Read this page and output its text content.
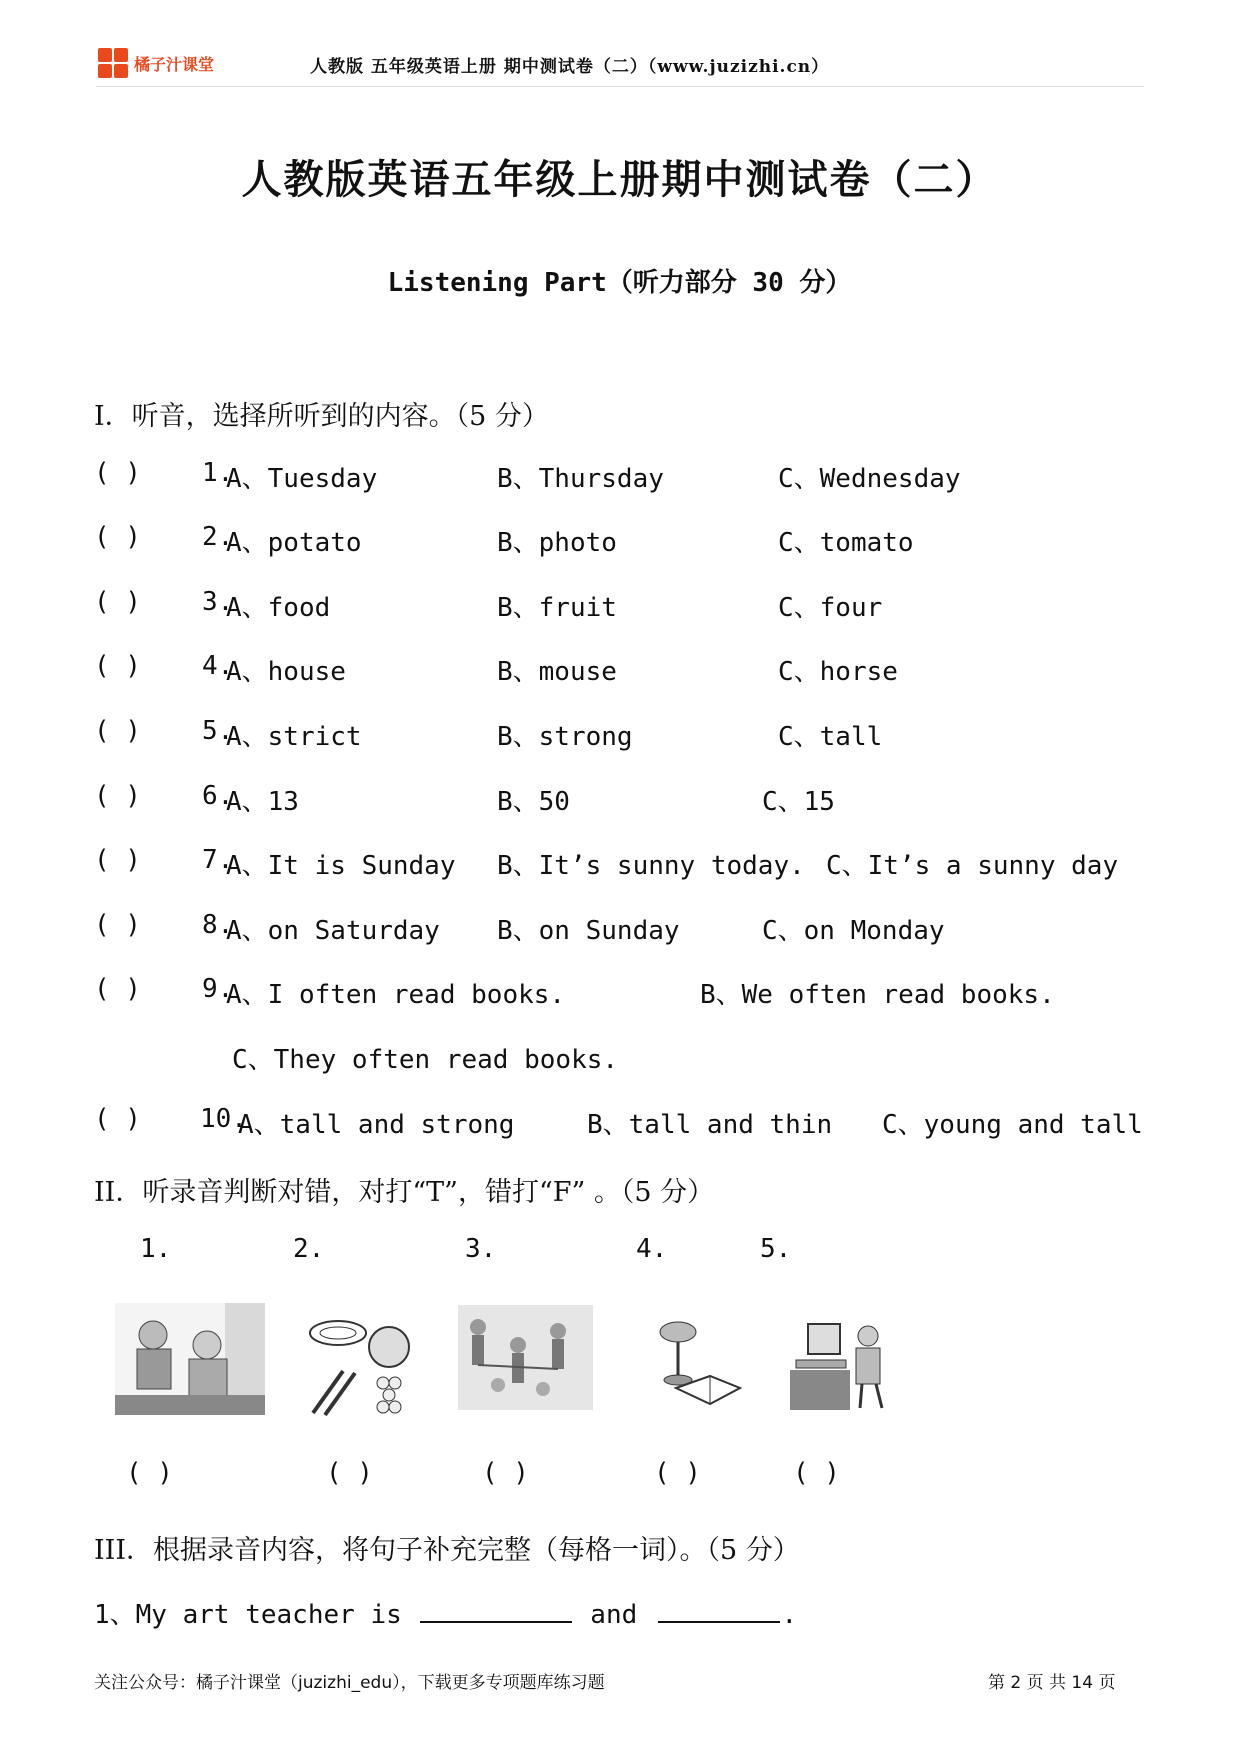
橘子汁课堂	人教版 五年级英语上册 期中测试卷（二）（www.juzizhi.cn）
人教版英语五年级上册期中测试卷（二）
Listening Part（听力部分 30 分）
I．听音，选择所听到的内容。（5 分）
( ) 1.
A、Tuesday	B、Thursday	C、Wednesday
( ) 2.
A、potato	B、photo	C、tomato
( ) 3.
A、food	B、fruit	C、four
( ) 4.
A、house	B、mouse	C、horse
( ) 5.
A、strict	B、strong	C、tall
( ) 6.
A、13	B、50	C、15
( ) 7.
A、It is Sunday B、It’s sunny today. C、It’s a sunny day
( ) 8.
A、on Saturday B、on Sunday	C、on Monday
( ) 9.
A、I often read books.	B、We often read books.
C、They often read books.
( ) 10.
A、tall and strong	B、tall and thin C、young and tall
II．听录音判断对错，对打“T”，错打“F” 。（5 分）
1.	2.	3.	4.	5.
( )	( )	( )	( )	( )
III．根据录音内容，将句子补充完整（每格一词）。（5 分）
1、My art teacher is	and	.
关注公众号：橘子汁课堂（juzizhi_edu），下载更多专项题库练习题	第 2 页 共 14 页
